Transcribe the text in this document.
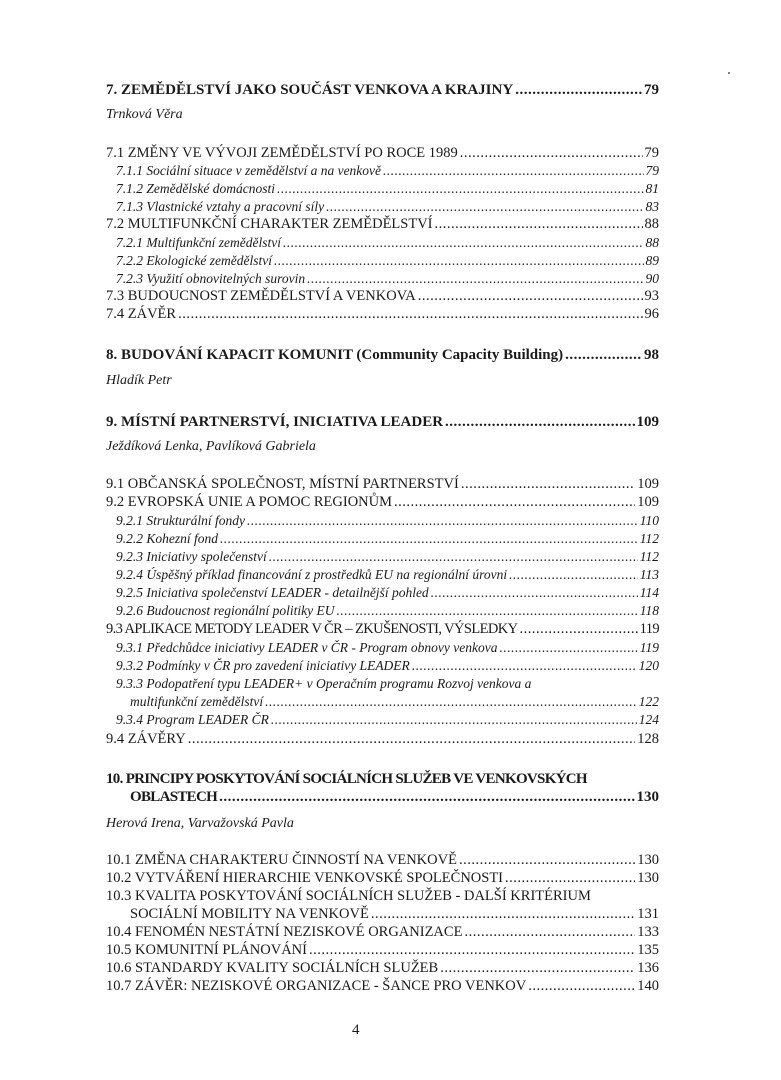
7. ZEMĚDĚLSTVÍ JAKO SOUČÁST VENKOVA A KRAJINY .....	79
Trnková Věra
7.1 ZMĚNY VE VÝVOJI ZEMĚDĚLSTVÍ PO ROCE 1989 .....	79
7.1.1 Sociální situace v zemědělství a na venkově .....	79
7.1.2 Zemědělské domácnosti .....	81
7.1.3 Vlastnické vztahy a pracovní síly .....	83
7.2 MULTIFUNKČNÍ CHARAKTER ZEMĚDĚLSTVÍ .....	88
7.2.1 Multifunkční zemědělství .....	88
7.2.2 Ekologické zemědělství .....	89
7.2.3 Využití obnovitelných surovin .....	90
7.3 BUDOUCNOST ZEMĚDĚLSTVÍ A VENKOVA .....	93
7.4 ZÁVĚR .....	96
8. BUDOVÁNÍ KAPACIT KOMUNIT (Community Capacity Building) .....	98
Hladík Petr
9. MÍSTNÍ PARTNERSTVÍ, INICIATIVA LEADER .....	109
Ježdíková Lenka, Pavlíková Gabriela
9.1 OBČANSKÁ SPOLEČNOST, MÍSTNÍ PARTNERSTVÍ .....	109
9.2 EVROPSKÁ UNIE A POMOC REGIONŮM .....	109
9.2.1 Strukturální fondy .....	110
9.2.2 Kohezní fond .....	112
9.2.3 Iniciativy společenství .....	112
9.2.4 Úspěšný příklad financování z prostředků EU na regionální úrovni .....	113
9.2.5 Iniciativa společenství LEADER - detailnější pohled .....	114
9.2.6 Budoucnost regionální politiky EU .....	118
9.3 APLIKACE METODY LEADER V ČR – ZKUŠENOSTI, VÝSLEDKY .....	119
9.3.1 Předchůdce iniciativy LEADER v ČR - Program obnovy venkova .....	119
9.3.2 Podmínky v ČR pro zavedení iniciativy LEADER .....	120
9.3.3 Podopatření typu LEADER+ v Operačním programu Rozvoj venkova a
multifunkční zemědělství .....	122
9.3.4 Program LEADER ČR .....	124
9.4 ZÁVĚRY .....	128
10. PRINCIPY POSKYTOVÁNÍ SOCIÁLNÍCH SLUŽEB VE VENKOVSKÝCH
OBLASTECH .....	130
Herová Irena, Varvažovská Pavla
10.1 ZMĚNA CHARAKTERU ČINNOSTÍ NA VENKOVĚ .....	130
10.2 VYTVÁŘENÍ HIERARCHIE VENKOVSKÉ SPOLEČNOSTI .....	130
10.3 KVALITA POSKYTOVÁNÍ SOCIÁLNÍCH SLUŽEB - DALŠÍ KRITÉRIUM
SOCIÁLNÍ MOBILITY NA VENKOVĚ .....	131
10.4 FENOMÉN NESTÁTNÍ NEZISKOVÉ ORGANIZACE .....	133
10.5 KOMUNITNÍ PLÁNOVÁNÍ .....	135
10.6 STANDARDY KVALITY SOCIÁLNÍCH SLUŽEB .....	136
10.7 ZÁVĚR: NEZISKOVÉ ORGANIZACE - ŠANCE PRO VENKOV .....	140
4
